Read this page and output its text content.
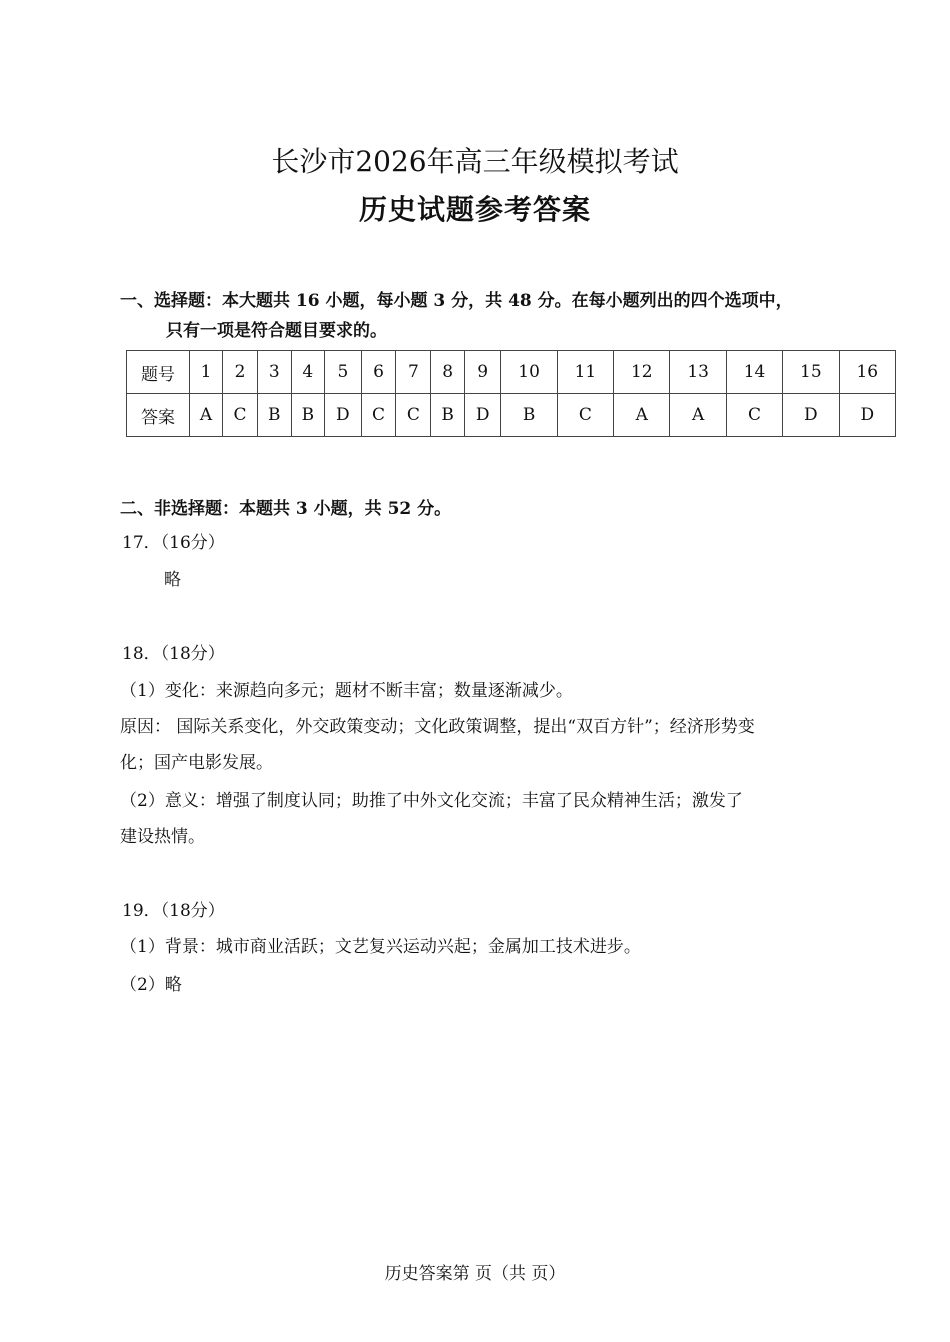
长沙市2026年高三年级模拟考试
历史试题参考答案
一、选择题：本大题共 16 小题，每小题 3 分，共 48 分。在每小题列出的四个选项中，
只有一项是符合题目要求的。
题号	1	2	3	4	5	6	7	8	9	10	11	12	13	14	15	16
答案	A	C	B	B	D	C	C	B	D	B	C	A	A	C	D	D
二、非选择题：本题共 3 小题，共 52 分。
17．（16分）
略
18．（18分）
（1）变化：来源趋向多元；题材不断丰富；数量逐渐减少。
原因： 国际关系变化，外交政策变动；文化政策调整，提出“双百方针”；经济形势变
化；国产电影发展。
（2）意义：增强了制度认同；助推了中外文化交流；丰富了民众精神生活；激发了
建设热情。
19．（18分）
（1）背景：城市商业活跃；文艺复兴运动兴起；金属加工技术进步。
（2）略
历史答案第 页（共 页）
